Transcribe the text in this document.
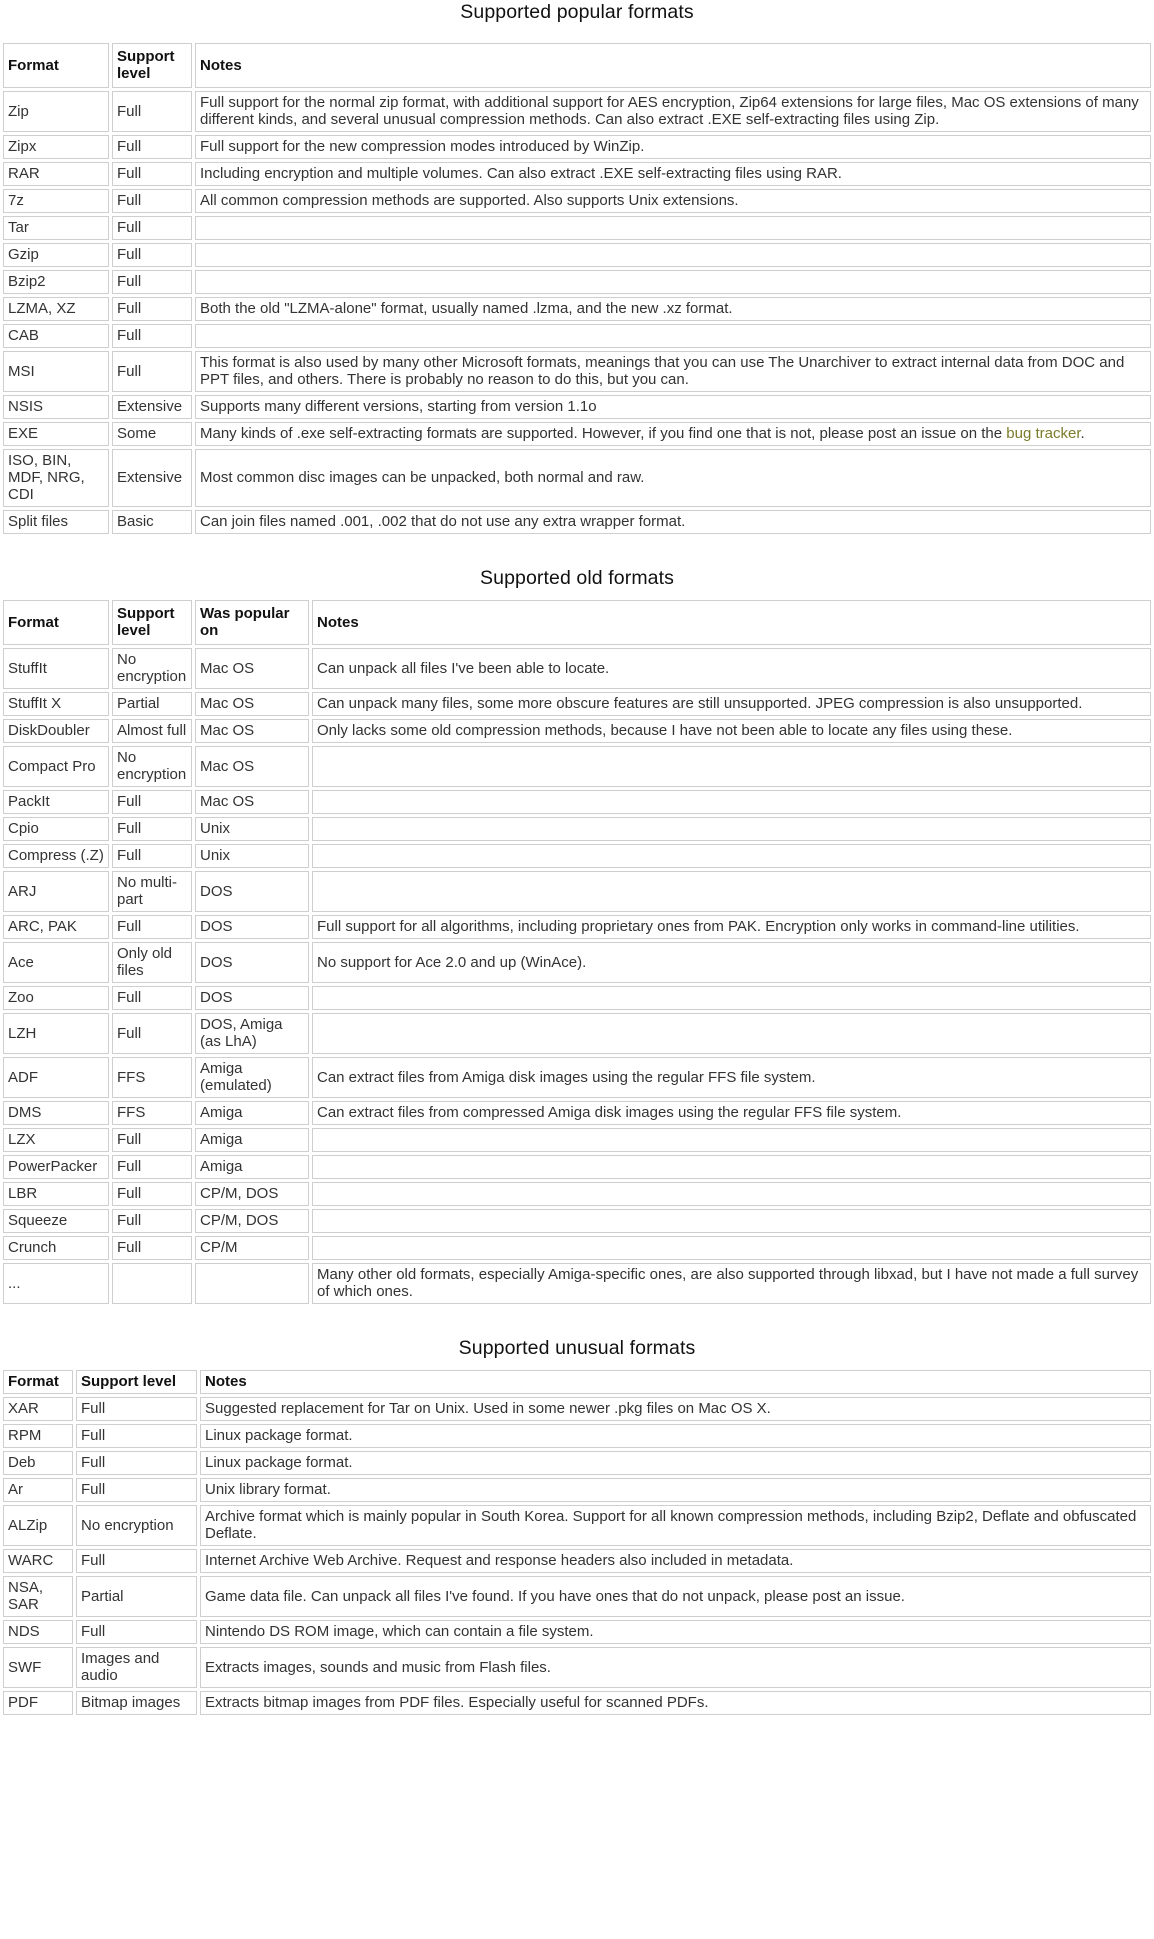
Supported popular formats
Format	Support level	Notes
Zip	Full	Full support for the normal zip format, with additional support for AES encryption, Zip64 extensions for large files, Mac OS extensions of many different kinds, and several unusual compression methods. Can also extract .EXE self-extracting files using Zip.
Zipx	Full	Full support for the new compression modes introduced by WinZip.
RAR	Full	Including encryption and multiple volumes. Can also extract .EXE self-extracting files using RAR.
7z	Full	All common compression methods are supported. Also supports Unix extensions.
Tar	Full	
Gzip	Full	
Bzip2	Full	
LZMA, XZ	Full	Both the old "LZMA-alone" format, usually named .lzma, and the new .xz format.
CAB	Full	
MSI	Full	This format is also used by many other Microsoft formats, meanings that you can use The Unarchiver to extract internal data from DOC and PPT files, and others. There is probably no reason to do this, but you can.
NSIS	Extensive	Supports many different versions, starting from version 1.1o
EXE	Some	Many kinds of .exe self-extracting formats are supported. However, if you find one that is not, please post an issue on the bug tracker.
ISO, BIN, MDF, NRG, CDI	Extensive	Most common disc images can be unpacked, both normal and raw.
Split files	Basic	Can join files named .001, .002 that do not use any extra wrapper format.
Supported old formats
Format	Support level	Was popular on	Notes
StuffIt	No encryption	Mac OS	Can unpack all files I've been able to locate.
StuffIt X	Partial	Mac OS	Can unpack many files, some more obscure features are still unsupported. JPEG compression is also unsupported.
DiskDoubler	Almost full	Mac OS	Only lacks some old compression methods, because I have not been able to locate any files using these.
Compact Pro	No encryption	Mac OS	
PackIt	Full	Mac OS	
Cpio	Full	Unix	
Compress (.Z)	Full	Unix	
ARJ	No multi-part	DOS	
ARC, PAK	Full	DOS	Full support for all algorithms, including proprietary ones from PAK. Encryption only works in command-line utilities.
Ace	Only old files	DOS	No support for Ace 2.0 and up (WinAce).
Zoo	Full	DOS	
LZH	Full	DOS, Amiga (as LhA)	
ADF	FFS	Amiga (emulated)	Can extract files from Amiga disk images using the regular FFS file system.
DMS	FFS	Amiga	Can extract files from compressed Amiga disk images using the regular FFS file system.
LZX	Full	Amiga	
PowerPacker	Full	Amiga	
LBR	Full	CP/M, DOS	
Squeeze	Full	CP/M, DOS	
Crunch	Full	CP/M	
...			Many other old formats, especially Amiga-specific ones, are also supported through libxad, but I have not made a full survey of which ones.
Supported unusual formats
Format	Support level	Notes
XAR	Full	Suggested replacement for Tar on Unix. Used in some newer .pkg files on Mac OS X.
RPM	Full	Linux package format.
Deb	Full	Linux package format.
Ar	Full	Unix library format.
ALZip	No encryption	Archive format which is mainly popular in South Korea. Support for all known compression methods, including Bzip2, Deflate and obfuscated Deflate.
WARC	Full	Internet Archive Web Archive. Request and response headers also included in metadata.
NSA, SAR	Partial	Game data file. Can unpack all files I've found. If you have ones that do not unpack, please post an issue.
NDS	Full	Nintendo DS ROM image, which can contain a file system.
SWF	Images and audio	Extracts images, sounds and music from Flash files.
PDF	Bitmap images	Extracts bitmap images from PDF files. Especially useful for scanned PDFs.
